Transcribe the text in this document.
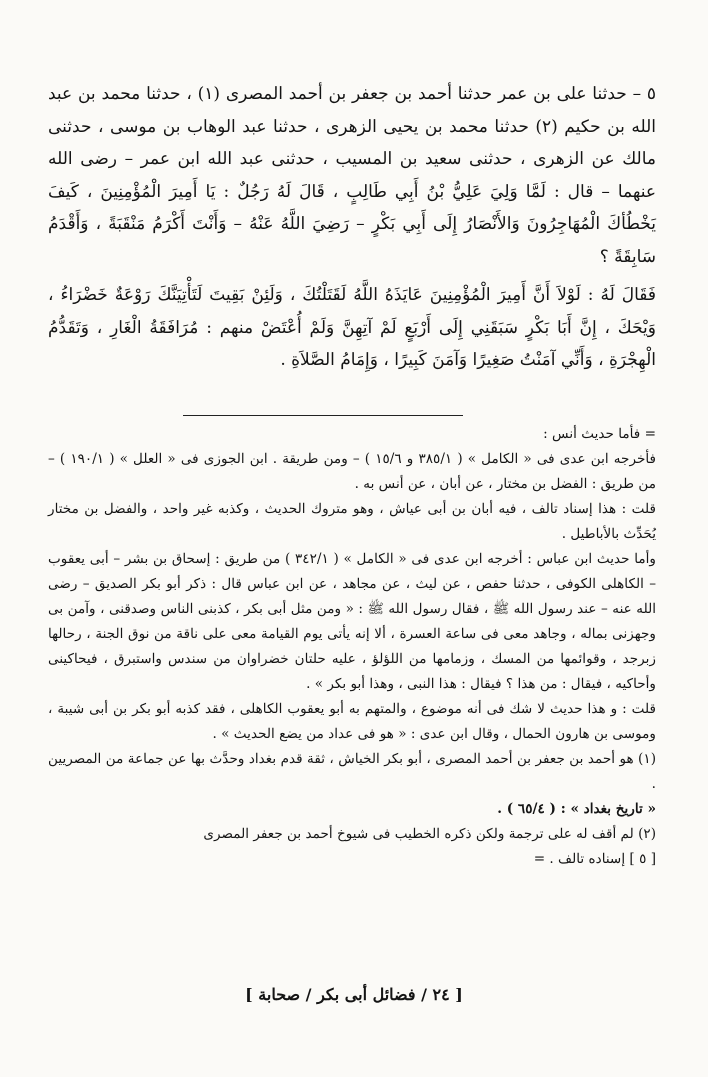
٥ – حدثنا على بن عمر حدثنا أحمد بن جعفر بن أحمد المصرى (١) ، حدثنا محمد بن عبد الله بن حكيم (٢) حدثنا محمد بن يحيى الزهرى ، حدثنا عبد الوهاب بن موسى ، حدثنى مالك عن الزهرى ، حدثنى سعيد بن المسيب ، حدثنى عبد الله ابن عمر – رضى الله عنهما – قال : لَمَّا وَلِيَ عَلِيُّ بْنُ أَبِي طَالِبٍ ، قَالَ لَهُ رَجُلٌ : يَا أَمِيرَ الْمُؤْمِنِينَ ، كَيفَ يَخْطُأكَ الْمُهَاجِرُونَ وَالأَنْصَارُ إِلَى أَبِي بَكْرٍ – رَضِيَ اللَّهُ عَنْهُ – وَأَنْتَ أَكْرَمُ مَنْقَبَةً ، وَأَقْدَمُ سَابِقَةً ؟

فَقَالَ لَهُ : لَوْلاَ أَنَّ أَمِيرَ الْمُؤْمِنِينَ عَايَذَهُ اللَّهُ لَقَتَلْتُكَ ، وَلَئِنْ بَقِيتَ لَتَأْتِيَنَّكَ رَوْعَةٌ خَضْرَاءُ ، وَيْحَكَ ، إِنَّ أَبَا بَكْرٍ سَبَقَنِي إِلَى أَرْبَعٍ لَمْ آتِهِنَّ وَلَمْ أُعْتَضْ منهم : مُرَافَقَةُ الْغَارِ ، وَتَقَدُّمُ الْهِجْرَةِ ، وَأَنِّي آمَنْتُ صَغِيرًا وَآمَنَ كَبِيرًا ، وَإِمَامُ الصَّلاَةِ .

= فأما حديث أنس :

فأخرجه ابن عدى فى « الكامل » ( ٣٨٥/١ و ١٥/٦ ) – ومن طريقة . ابن الجوزى فى « العلل » ( ١٩٠/١ ) – من طريق : الفضل بن مختار ، عن أبان ، عن أنس به .

قلت : هذا إسناد تالف ، فيه أبان بن أبى عياش ، وهو متروك الحديث ، وكذبه غير واحد ، والفضل بن مختار يُحَدِّث بالأباطيل .

وأما حديث ابن عباس : أخرجه ابن عدى فى « الكامل » ( ٣٤٢/١ ) من طريق : إسحاق بن بشر – أبى يعقوب – الكاهلى الكوفى ، حدثنا حفص ، عن ليث ، عن مجاهد ، عن ابن عباس قال : ذكر أبو بكر الصديق – رضى الله عنه – عند رسول الله ﷺ ، فقال رسول الله ﷺ : « ومن مثل أبى بكر ، كذبنى الناس وصدقنى ، وآمن بى وجهزنى بماله ، وجاهد معى فى ساعة العسرة ، ألا إنه يأتى يوم القيامة معى على ناقة من نوق الجنة ، رحالها زبرجد ، وقوائمها من المسك ، وزمامها من اللؤلؤ ، عليه حلتان خضراوان من سندس واستبرق ، فيحاكينى وأحاكيه ، فيقال : من هذا ؟ فيقال : هذا النبى ، وهذا أبو بكر » .

قلت : و هذا حديث لا شك فى أنه موضوع ، والمتهم به أبو يعقوب الكاهلى ، فقد كذبه أبو بكر بن أبى شيبة ، وموسى بن هارون الحمال ، وقال ابن عدى : « هو فى عداد من يضع الحديث » .

(١) هو أحمد بن جعفر بن أحمد المصرى ، أبو بكر الخياش ، ثقة قدم بغداد وحدَّث بها عن جماعة من المصريين .

« تاريخ بغداد » : ( ٦٥/٤ ) .

(٢) لم أقف له على ترجمة ولكن ذكره الخطيب فى شيوخ أحمد بن جعفر المصرى

[ ٥ ] إسناده تالف . =

[ ٢٤ / فضائل أبى بكر / صحابة ]
